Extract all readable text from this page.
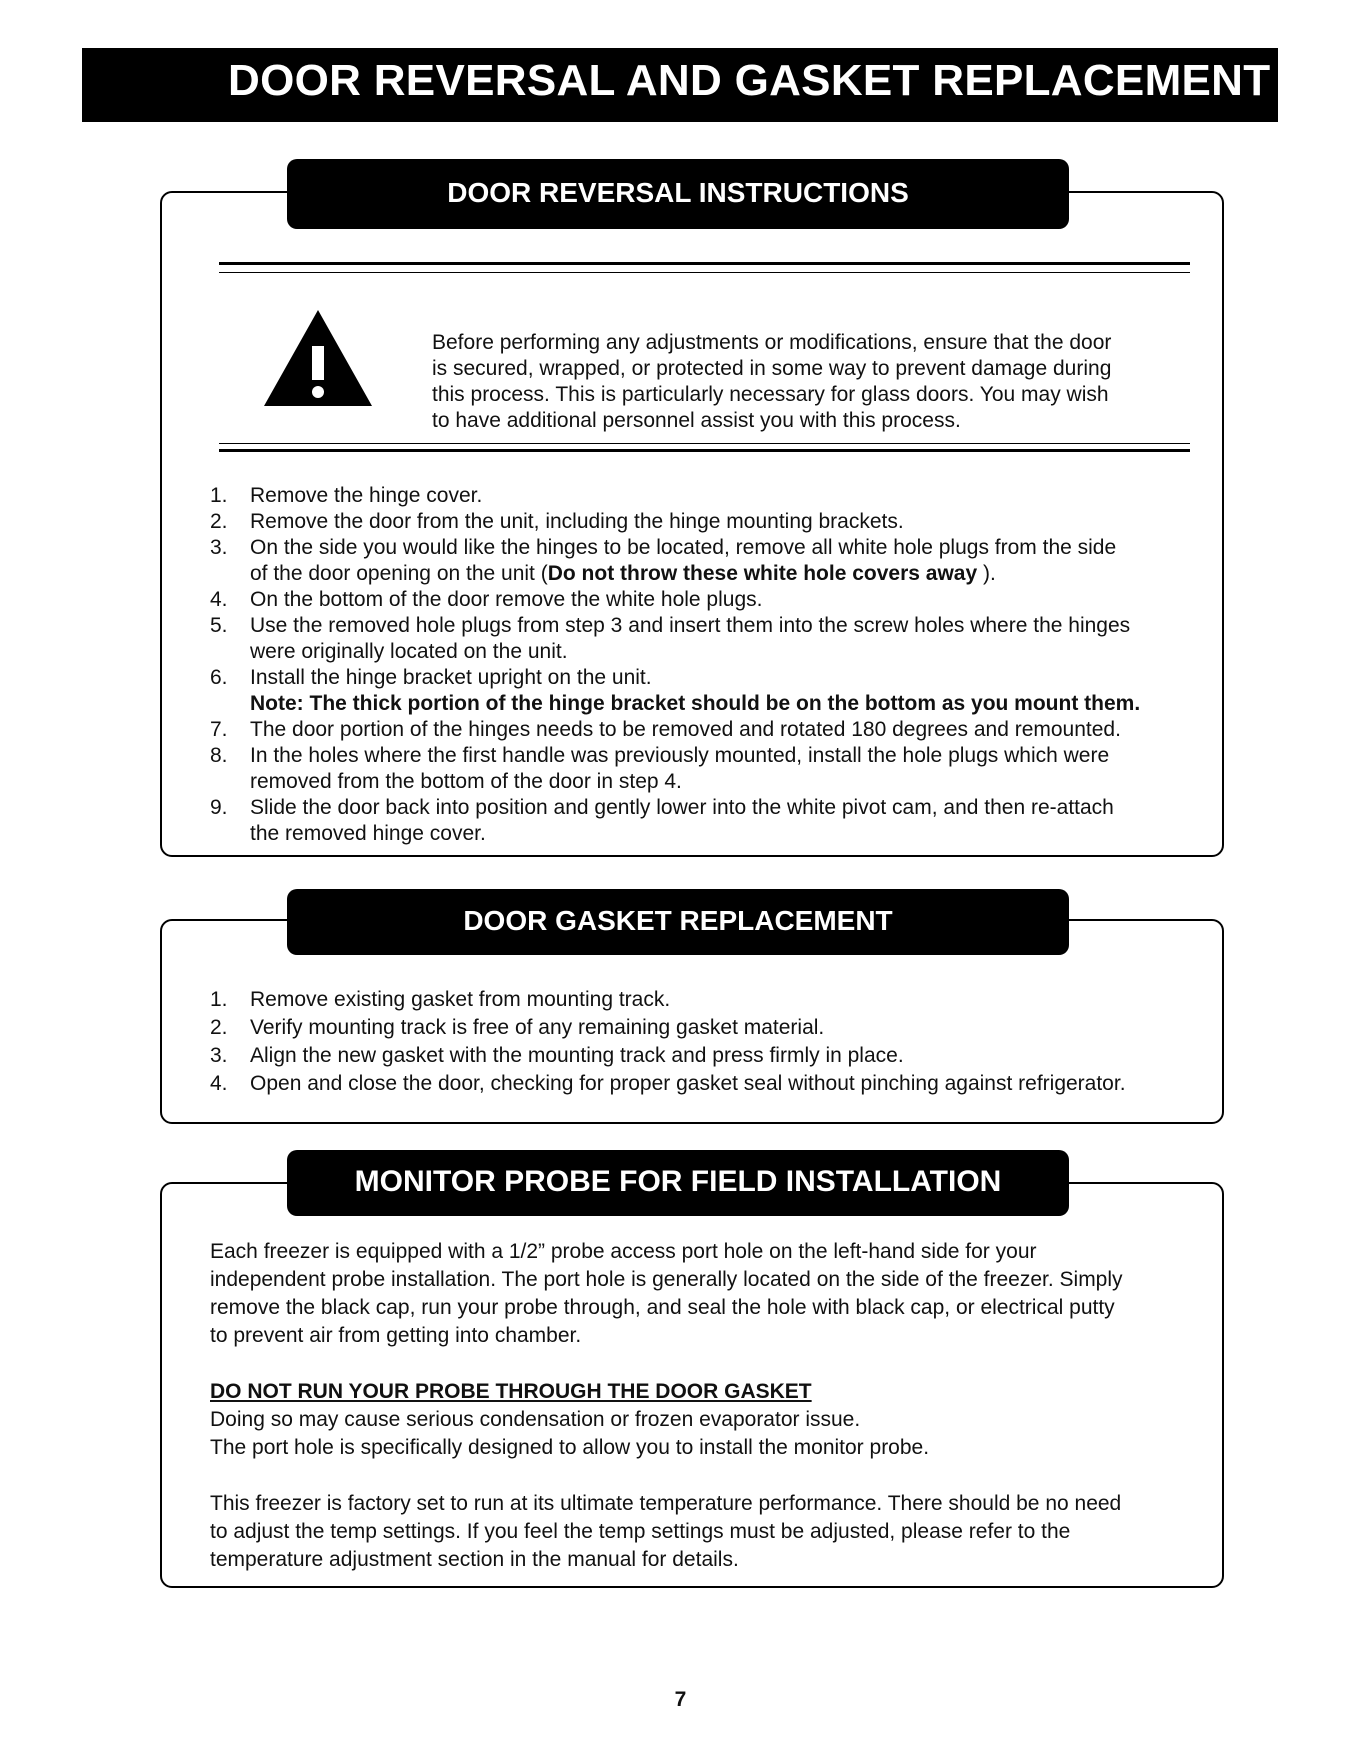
DOOR REVERSAL AND GASKET REPLACEMENT
DOOR REVERSAL INSTRUCTIONS
Before performing any adjustments or modifications, ensure that the door
is secured, wrapped, or protected in some way to prevent damage during
this process. This is particularly necessary for glass doors. You may wish
to have additional personnel assist you with this process.
1. Remove the hinge cover.
2. Remove the door from the unit, including the hinge mounting brackets.
3. On the side you would like the hinges to be located, remove all white hole plugs from the side
of the door opening on the unit (Do not throw these white hole covers away ).
4. On the bottom of the door remove the white hole plugs.
5. Use the removed hole plugs from step 3 and insert them into the screw holes where the hinges
were originally located on the unit.
6. Install the hinge bracket upright on the unit.
Note: The thick portion of the hinge bracket should be on the bottom as you mount them.
7. The door portion of the hinges needs to be removed and rotated 180 degrees and remounted.
8. In the holes where the first handle was previously mounted, install the hole plugs which were
removed from the bottom of the door in step 4.
9. Slide the door back into position and gently lower into the white pivot cam, and then re-attach
the removed hinge cover.
DOOR GASKET REPLACEMENT
1. Remove existing gasket from mounting track.
2. Verify mounting track is free of any remaining gasket material.
3. Align the new gasket with the mounting track and press firmly in place.
4. Open and close the door, checking for proper gasket seal without pinching against refrigerator.
MONITOR PROBE FOR FIELD INSTALLATION
Each freezer is equipped with a 1/2” probe access port hole on the left-hand side for your
independent probe installation. The port hole is generally located on the side of the freezer. Simply
remove the black cap, run your probe through, and seal the hole with black cap, or electrical putty
to prevent air from getting into chamber.
DO NOT RUN YOUR PROBE THROUGH THE DOOR GASKET
Doing so may cause serious condensation or frozen evaporator issue.
The port hole is specifically designed to allow you to install the monitor probe.
This freezer is factory set to run at its ultimate temperature performance. There should be no need
to adjust the temp settings. If you feel the temp settings must be adjusted, please refer to the
temperature adjustment section in the manual for details.
7
